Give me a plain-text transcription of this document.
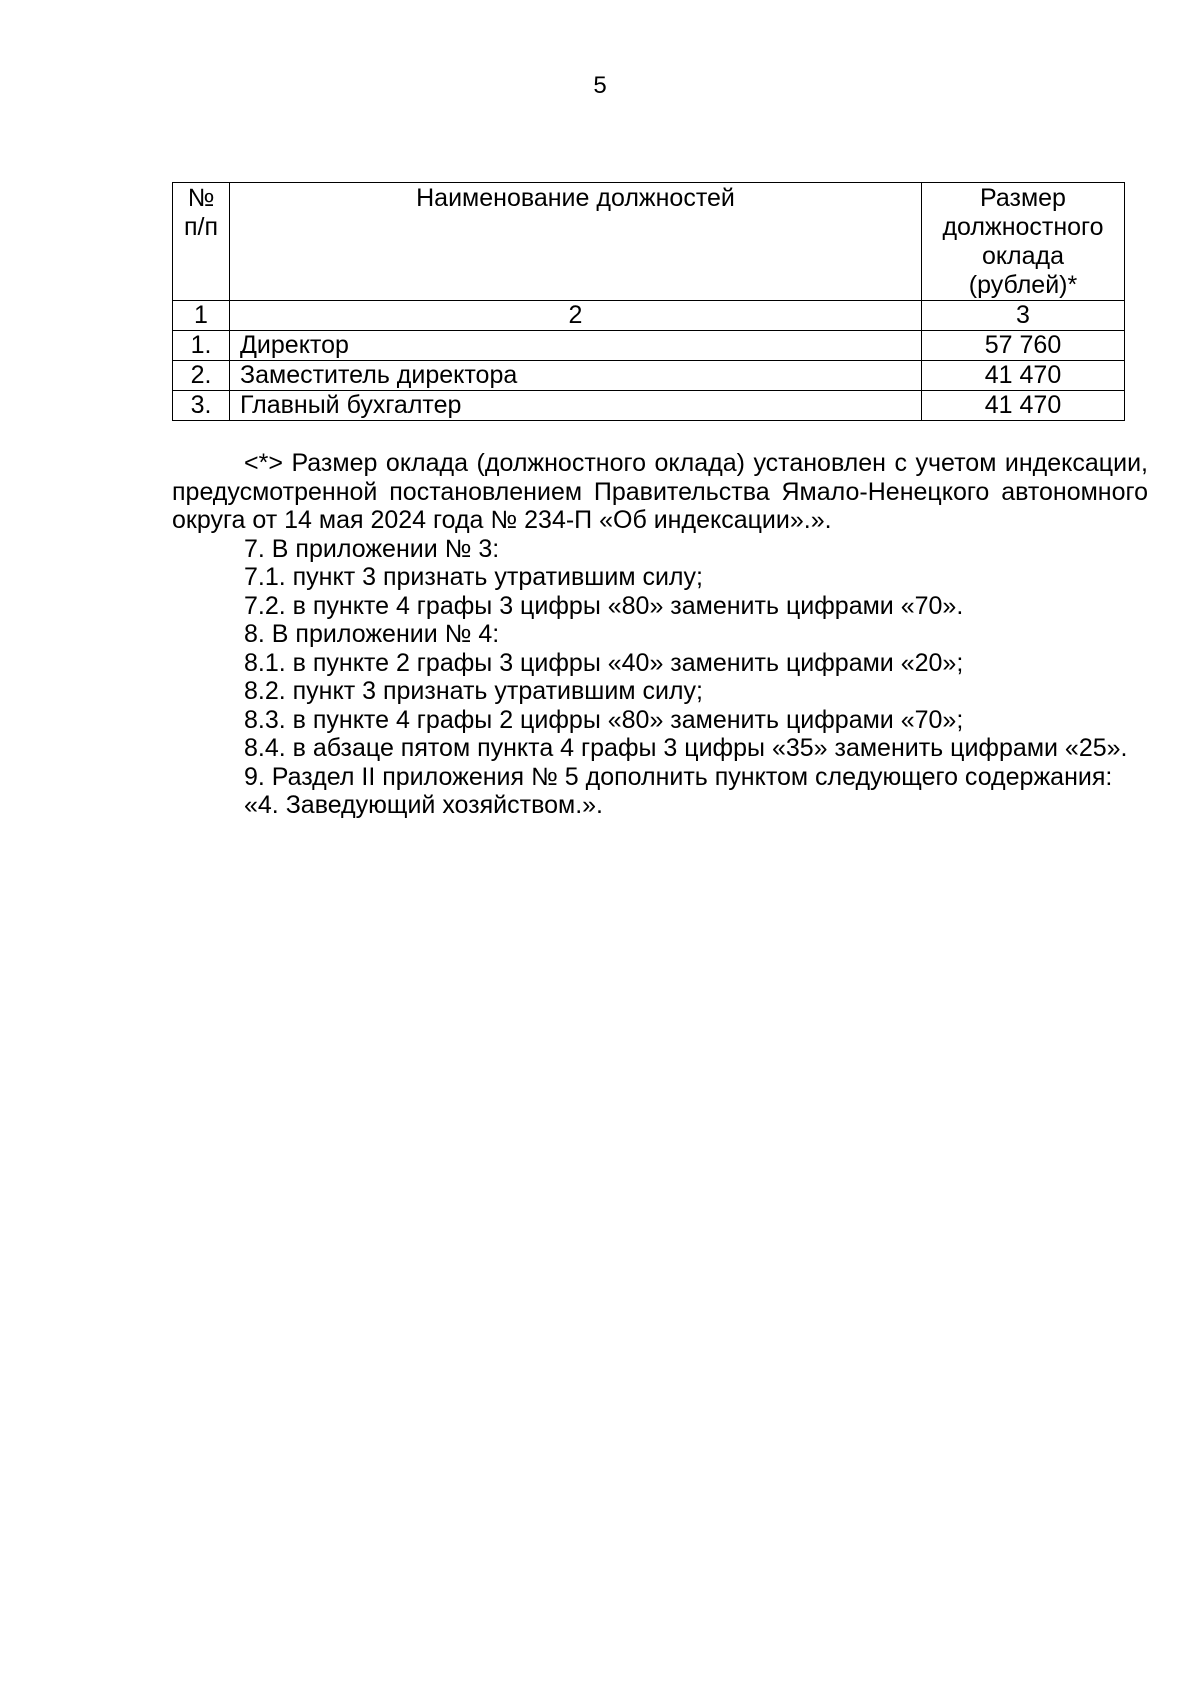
5
№ п/п	Наименование должностей	Размер должностного оклада (рублей)*
1	2	3
1.	Директор	57 760
2.	Заместитель директора	41 470
3.	Главный бухгалтер	41 470

<*> Размер оклада (должностного оклада) установлен с учетом индексации, предусмотренной постановлением Правительства Ямало-Ненецкого автономного округа от 14 мая 2024 года № 234-П «Об индексации».».

7. В приложении № 3:

7.1. пункт 3 признать утратившим силу;

7.2. в пункте 4 графы 3 цифры «80» заменить цифрами «70».

8. В приложении № 4:

8.1. в пункте 2 графы 3 цифры «40» заменить цифрами «20»;

8.2. пункт 3 признать утратившим силу;

8.3. в пункте 4 графы 2 цифры «80» заменить цифрами «70»;

8.4. в абзаце пятом пункта 4 графы 3 цифры «35» заменить цифрами «25».

9. Раздел II приложения № 5 дополнить пунктом следующего содержания:

«4. Заведующий хозяйством.».
